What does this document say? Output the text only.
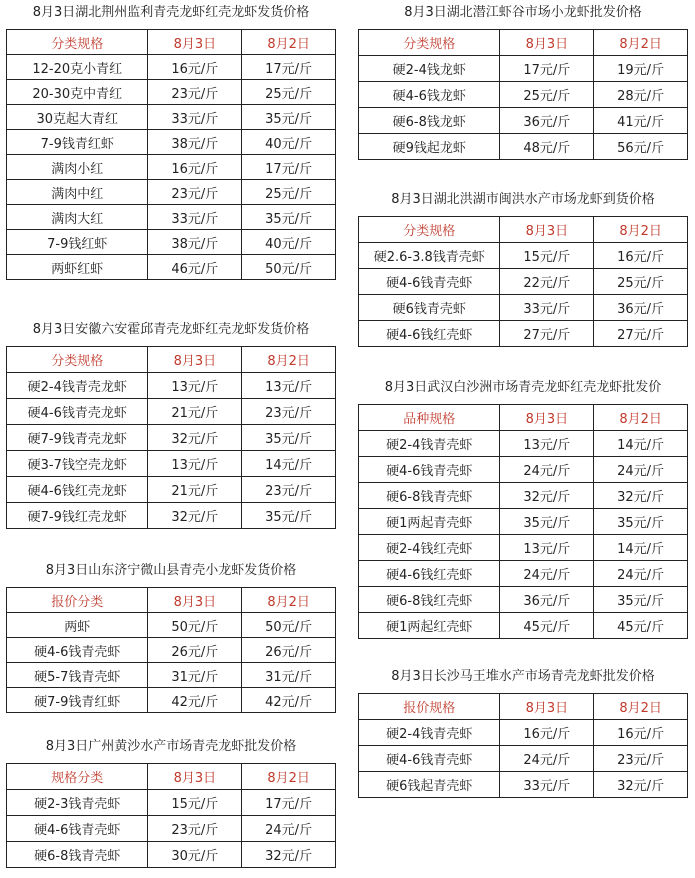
8月3日湖北荆州监利青壳龙虾红壳龙虾发货价格
分类规格	8月3日	8月2日
12-20克小青红	16元/斤	17元/斤
20-30克中青红	23元/斤	25元/斤
30克起大青红	33元/斤	35元/斤
7-9钱青红虾	38元/斤	40元/斤
满肉小红	16元/斤	17元/斤
满肉中红	23元/斤	25元/斤
满肉大红	33元/斤	35元/斤
7-9钱红虾	38元/斤	40元/斤
两虾红虾	46元/斤	50元/斤
8月3日安徽六安霍邱青壳龙虾红壳龙虾发货价格
分类规格	8月3日	8月2日
硬2-4钱青壳龙虾	13元/斤	13元/斤
硬4-6钱青壳龙虾	21元/斤	23元/斤
硬7-9钱青壳龙虾	32元/斤	35元/斤
硬3-7钱空壳龙虾	13元/斤	14元/斤
硬4-6钱红壳龙虾	21元/斤	23元/斤
硬7-9钱红壳龙虾	32元/斤	35元/斤
8月3日山东济宁微山县青壳小龙虾发货价格
报价分类	8月3日	8月2日
两虾	50元/斤	50元/斤
硬4-6钱青壳虾	26元/斤	26元/斤
硬5-7钱青壳虾	31元/斤	31元/斤
硬7-9钱青红虾	42元/斤	42元/斤
8月3日广州黄沙水产市场青壳龙虾批发价格
规格分类	8月3日	8月2日
硬2-3钱青壳虾	15元/斤	17元/斤
硬4-6钱青壳虾	23元/斤	24元/斤
硬6-8钱青壳虾	30元/斤	32元/斤
8月3日湖北潜江虾谷市场小龙虾批发价格
分类规格	8月3日	8月2日
硬2-4钱龙虾	17元/斤	19元/斤
硬4-6钱龙虾	25元/斤	28元/斤
硬6-8钱龙虾	36元/斤	41元/斤
硬9钱起龙虾	48元/斤	56元/斤
8月3日湖北洪湖市闽洪水产市场龙虾到货价格
分类规格	8月3日	8月2日
硬2.6-3.8钱青壳虾	15元/斤	16元/斤
硬4-6钱青壳虾	22元/斤	25元/斤
硬6钱青壳虾	33元/斤	36元/斤
硬4-6钱红壳虾	27元/斤	27元/斤
8月3日武汉白沙洲市场青壳龙虾红壳龙虾批发价
品种规格	8月3日	8月2日
硬2-4钱青壳虾	13元/斤	14元/斤
硬4-6钱青壳虾	24元/斤	24元/斤
硬6-8钱青壳虾	32元/斤	32元/斤
硬1两起青壳虾	35元/斤	35元/斤
硬2-4钱红壳虾	13元/斤	14元/斤
硬4-6钱红壳虾	24元/斤	24元/斤
硬6-8钱红壳虾	36元/斤	35元/斤
硬1两起红壳虾	45元/斤	45元/斤
8月3日长沙马王堆水产市场青壳龙虾批发价格
报价规格	8月3日	8月2日
硬2-4钱青壳虾	16元/斤	16元/斤
硬4-6钱青壳虾	24元/斤	23元/斤
硬6钱起青壳虾	33元/斤	32元/斤
